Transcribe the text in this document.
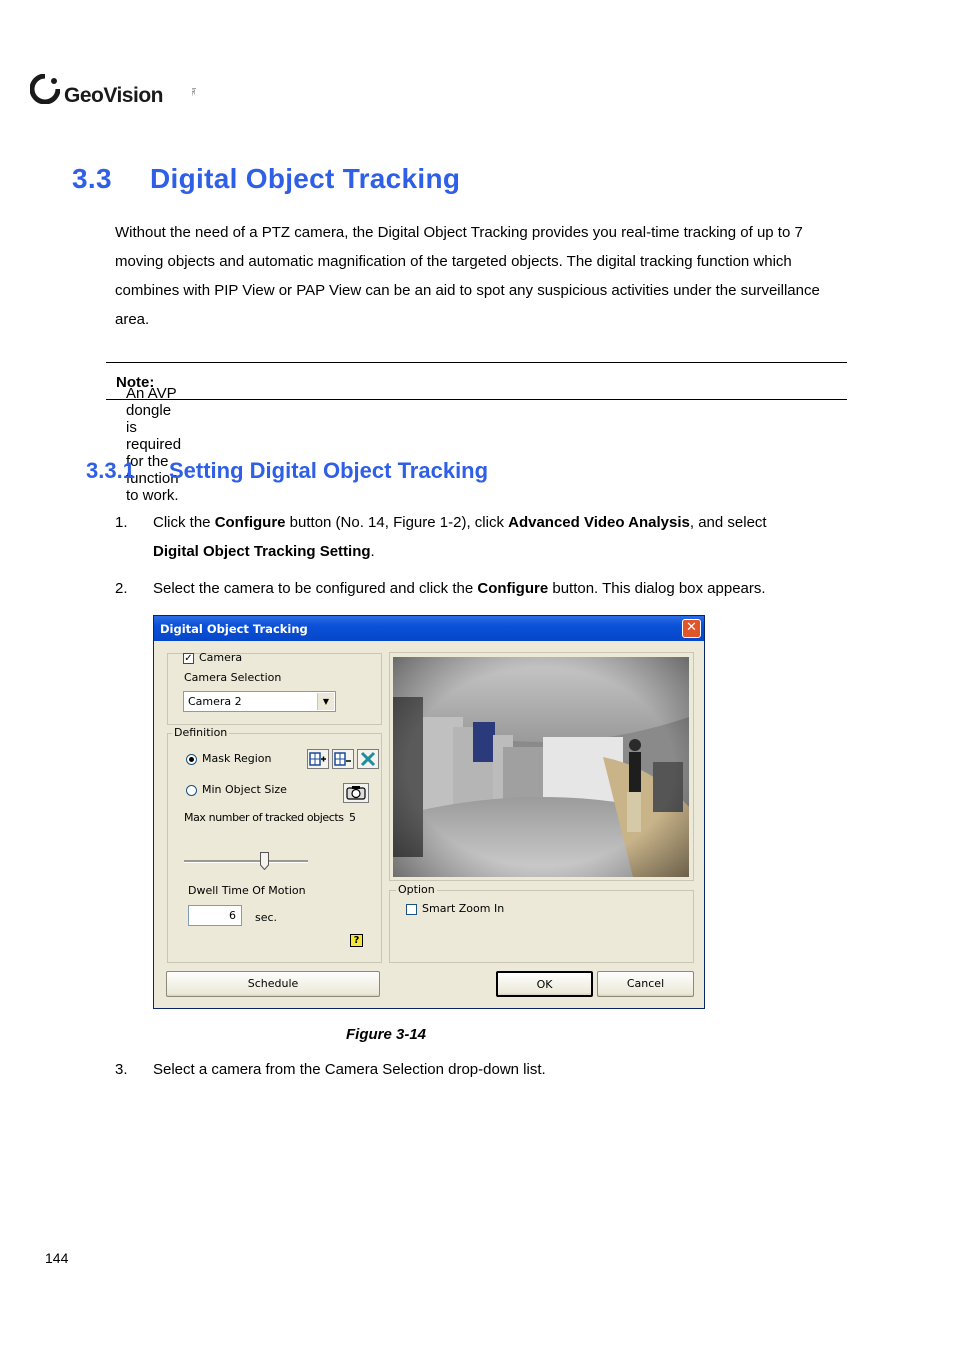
GeoVision	Inc.
3.3 Digital Object Tracking
Without the need of a PTZ camera, the Digital Object Tracking provides you real-time tracking of up to 7 moving objects and automatic magnification of the targeted objects. The digital tracking function which combines with PIP View or PAP View can be an aid to spot any suspicious activities under the surveillance area.
Note:
An AVP dongle is required for the function to work.
3.3.1 Setting Digital Object Tracking
1. Click the Configure button (No. 14, Figure 1-2), click Advanced Video Analysis, and select
Digital Object Tracking Setting.
2. Select the camera to be configured and click the Configure button. This dialog box appears.
Digital Object Tracking	✕
✓ Camera
Camera Selection
Camera 2	▼
Definition
Mask Region
Min Object Size
Max number of tracked objects 5
Dwell Time Of Motion
6 sec.
?
Option
Smart Zoom In
Schedule	OK	Cancel
Figure 3-14
3. Select a camera from the Camera Selection drop-down list.
144
